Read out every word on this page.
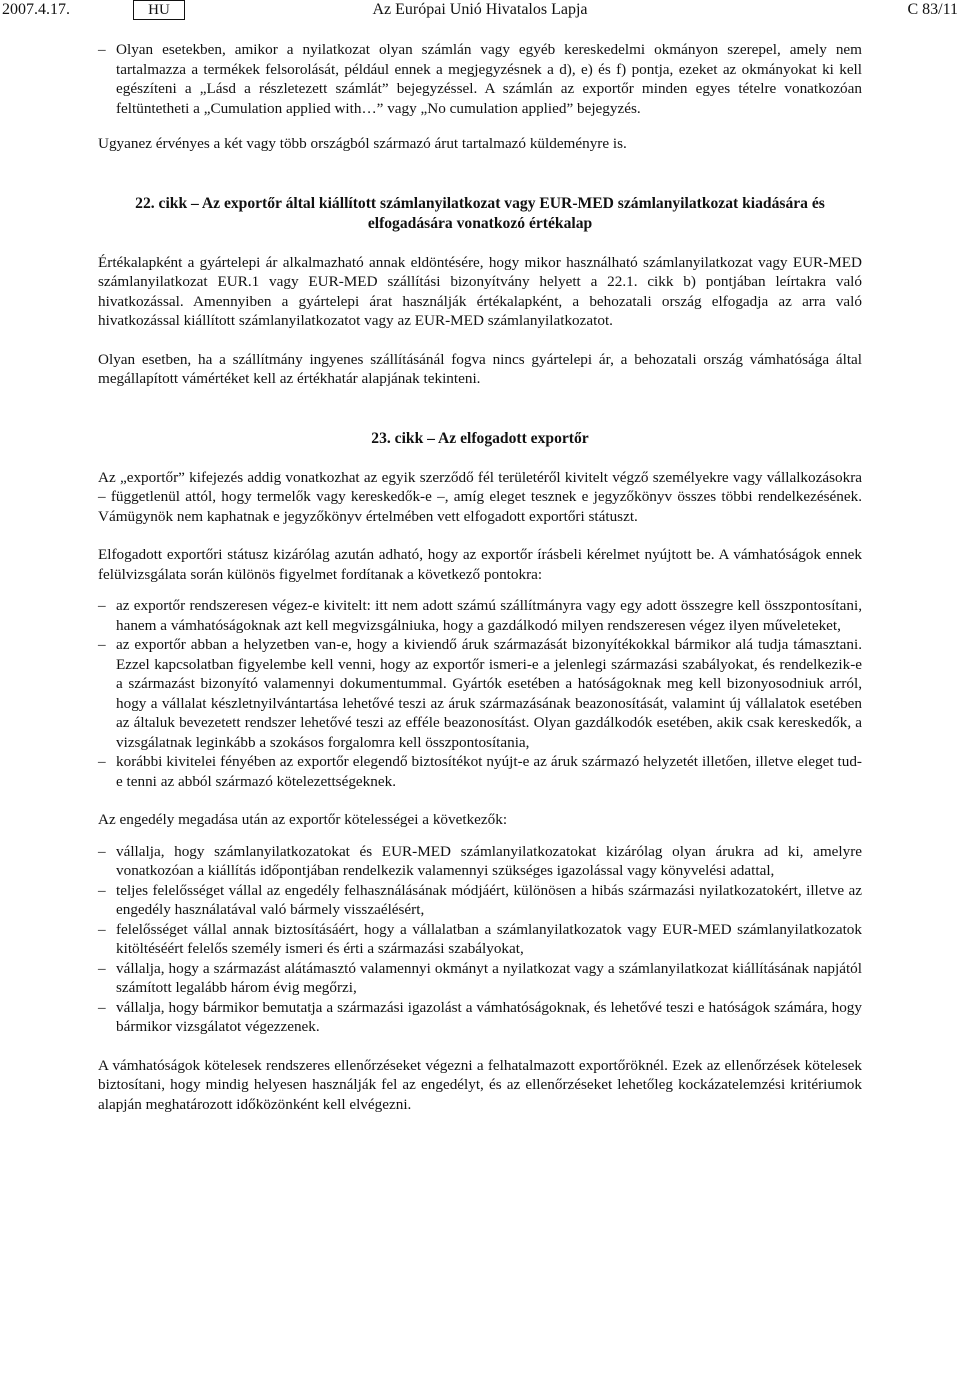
2007.4.17.	HU	Az Európai Unió Hivatalos Lapja	C 83/11

– Olyan esetekben, amikor a nyilatkozat olyan számlán vagy egyéb kereskedelmi okmányon szerepel, amely nem tartalmazza a termékek felsorolását, például ennek a megjegyzésnek a d), e) és f) pontja, ezeket az okmányokat ki kell egészíteni a „Lásd a részletezett számlát” bejegyzéssel. A számlán az exportőr minden egyes tételre vonatkozóan feltüntetheti a „Cumulation applied with…” vagy „No cumulation applied” bejegyzés.

Ugyanez érvényes a két vagy több országból származó árut tartalmazó küldeményre is.

22. cikk – Az exportőr által kiállított számlanyilatkozat vagy EUR-MED számlanyilatkozat kiadására és elfogadására vonatkozó értékalap

Értékalapként a gyártelepi ár alkalmazható annak eldöntésére, hogy mikor használható számlanyilatkozat vagy EUR-MED számlanyilatkozat EUR.1 vagy EUR-MED szállítási bizonyítvány helyett a 22.1. cikk b) pontjában leírtakra való hivatkozással. Amennyiben a gyártelepi árat használják értékalapként, a behozatali ország elfogadja az arra való hivatkozással kiállított számlanyilatkozatot vagy az EUR-MED számlanyilatkozatot.

Olyan esetben, ha a szállítmány ingyenes szállításánál fogva nincs gyártelepi ár, a behozatali ország vámhatósága által megállapított vámértéket kell az értékhatár alapjának tekinteni.

23. cikk – Az elfogadott exportőr

Az „exportőr” kifejezés addig vonatkozhat az egyik szerződő fél területéről kivitelt végző személyekre vagy vállalkozásokra – függetlenül attól, hogy termelők vagy kereskedők-e –, amíg eleget tesznek e jegyzőkönyv összes többi rendelkezésének. Vámügynök nem kaphatnak e jegyzőkönyv értelmében vett elfogadott exportőri státuszt.

Elfogadott exportőri státusz kizárólag azután adható, hogy az exportőr írásbeli kérelmet nyújtott be. A vámhatóságok ennek felülvizsgálata során különös figyelmet fordítanak a következő pontokra:

– az exportőr rendszeresen végez-e kivitelt: itt nem adott számú szállítmányra vagy egy adott összegre kell összpontosítani, hanem a vámhatóságoknak azt kell megvizsgálniuka, hogy a gazdálkodó milyen rendszeresen végez ilyen műveleteket,

– az exportőr abban a helyzetben van-e, hogy a kiviendő áruk származását bizonyítékokkal bármikor alá tudja támasztani. Ezzel kapcsolatban figyelembe kell venni, hogy az exportőr ismeri-e a jelenlegi származási szabályokat, és rendelkezik-e a származást bizonyító valamennyi dokumentummal. Gyártók esetében a hatóságoknak meg kell bizonyosodniuk arról, hogy a vállalat készletnyilvántartása lehetővé teszi az áruk származásának beazonosítását, valamint új vállalatok esetében az általuk bevezetett rendszer lehetővé teszi az efféle beazonosítást. Olyan gazdálkodók esetében, akik csak kereskedők, a vizsgálatnak leginkább a szokásos forgalomra kell összpontosítania,

– korábbi kivitelei fényében az exportőr elegendő biztosítékot nyújt-e az áruk származó helyzetét illetően, illetve eleget tud-e tenni az abból származó kötelezettségeknek.

Az engedély megadása után az exportőr kötelességei a következők:

– vállalja, hogy számlanyilatkozatokat és EUR-MED számlanyilatkozatokat kizárólag olyan árukra ad ki, amelyre vonatkozóan a kiállítás időpontjában rendelkezik valamennyi szükséges igazolással vagy könyvelési adattal,

– teljes felelősséget vállal az engedély felhasználásának módjáért, különösen a hibás származási nyilatkozatokért, illetve az engedély használatával való bármely visszaélésért,

– felelősséget vállal annak biztosításáért, hogy a vállalatban a számlanyilatkozatok vagy EUR-MED számlanyilatkozatok kitöltéséért felelős személy ismeri és érti a származási szabályokat,

– vállalja, hogy a származást alátámasztó valamennyi okmányt a nyilatkozat vagy a számlanyilatkozat kiállításának napjától számított legalább három évig megőrzi,

– vállalja, hogy bármikor bemutatja a származási igazolást a vámhatóságoknak, és lehetővé teszi e hatóságok számára, hogy bármikor vizsgálatot végezzenek.

A vámhatóságok kötelesek rendszeres ellenőrzéseket végezni a felhatalmazott exportőröknél. Ezek az ellenőrzések kötelesek biztosítani, hogy mindig helyesen használják fel az engedélyt, és az ellenőrzéseket lehetőleg kockázatelemzési kritériumok alapján meghatározott időközönként kell elvégezni.
